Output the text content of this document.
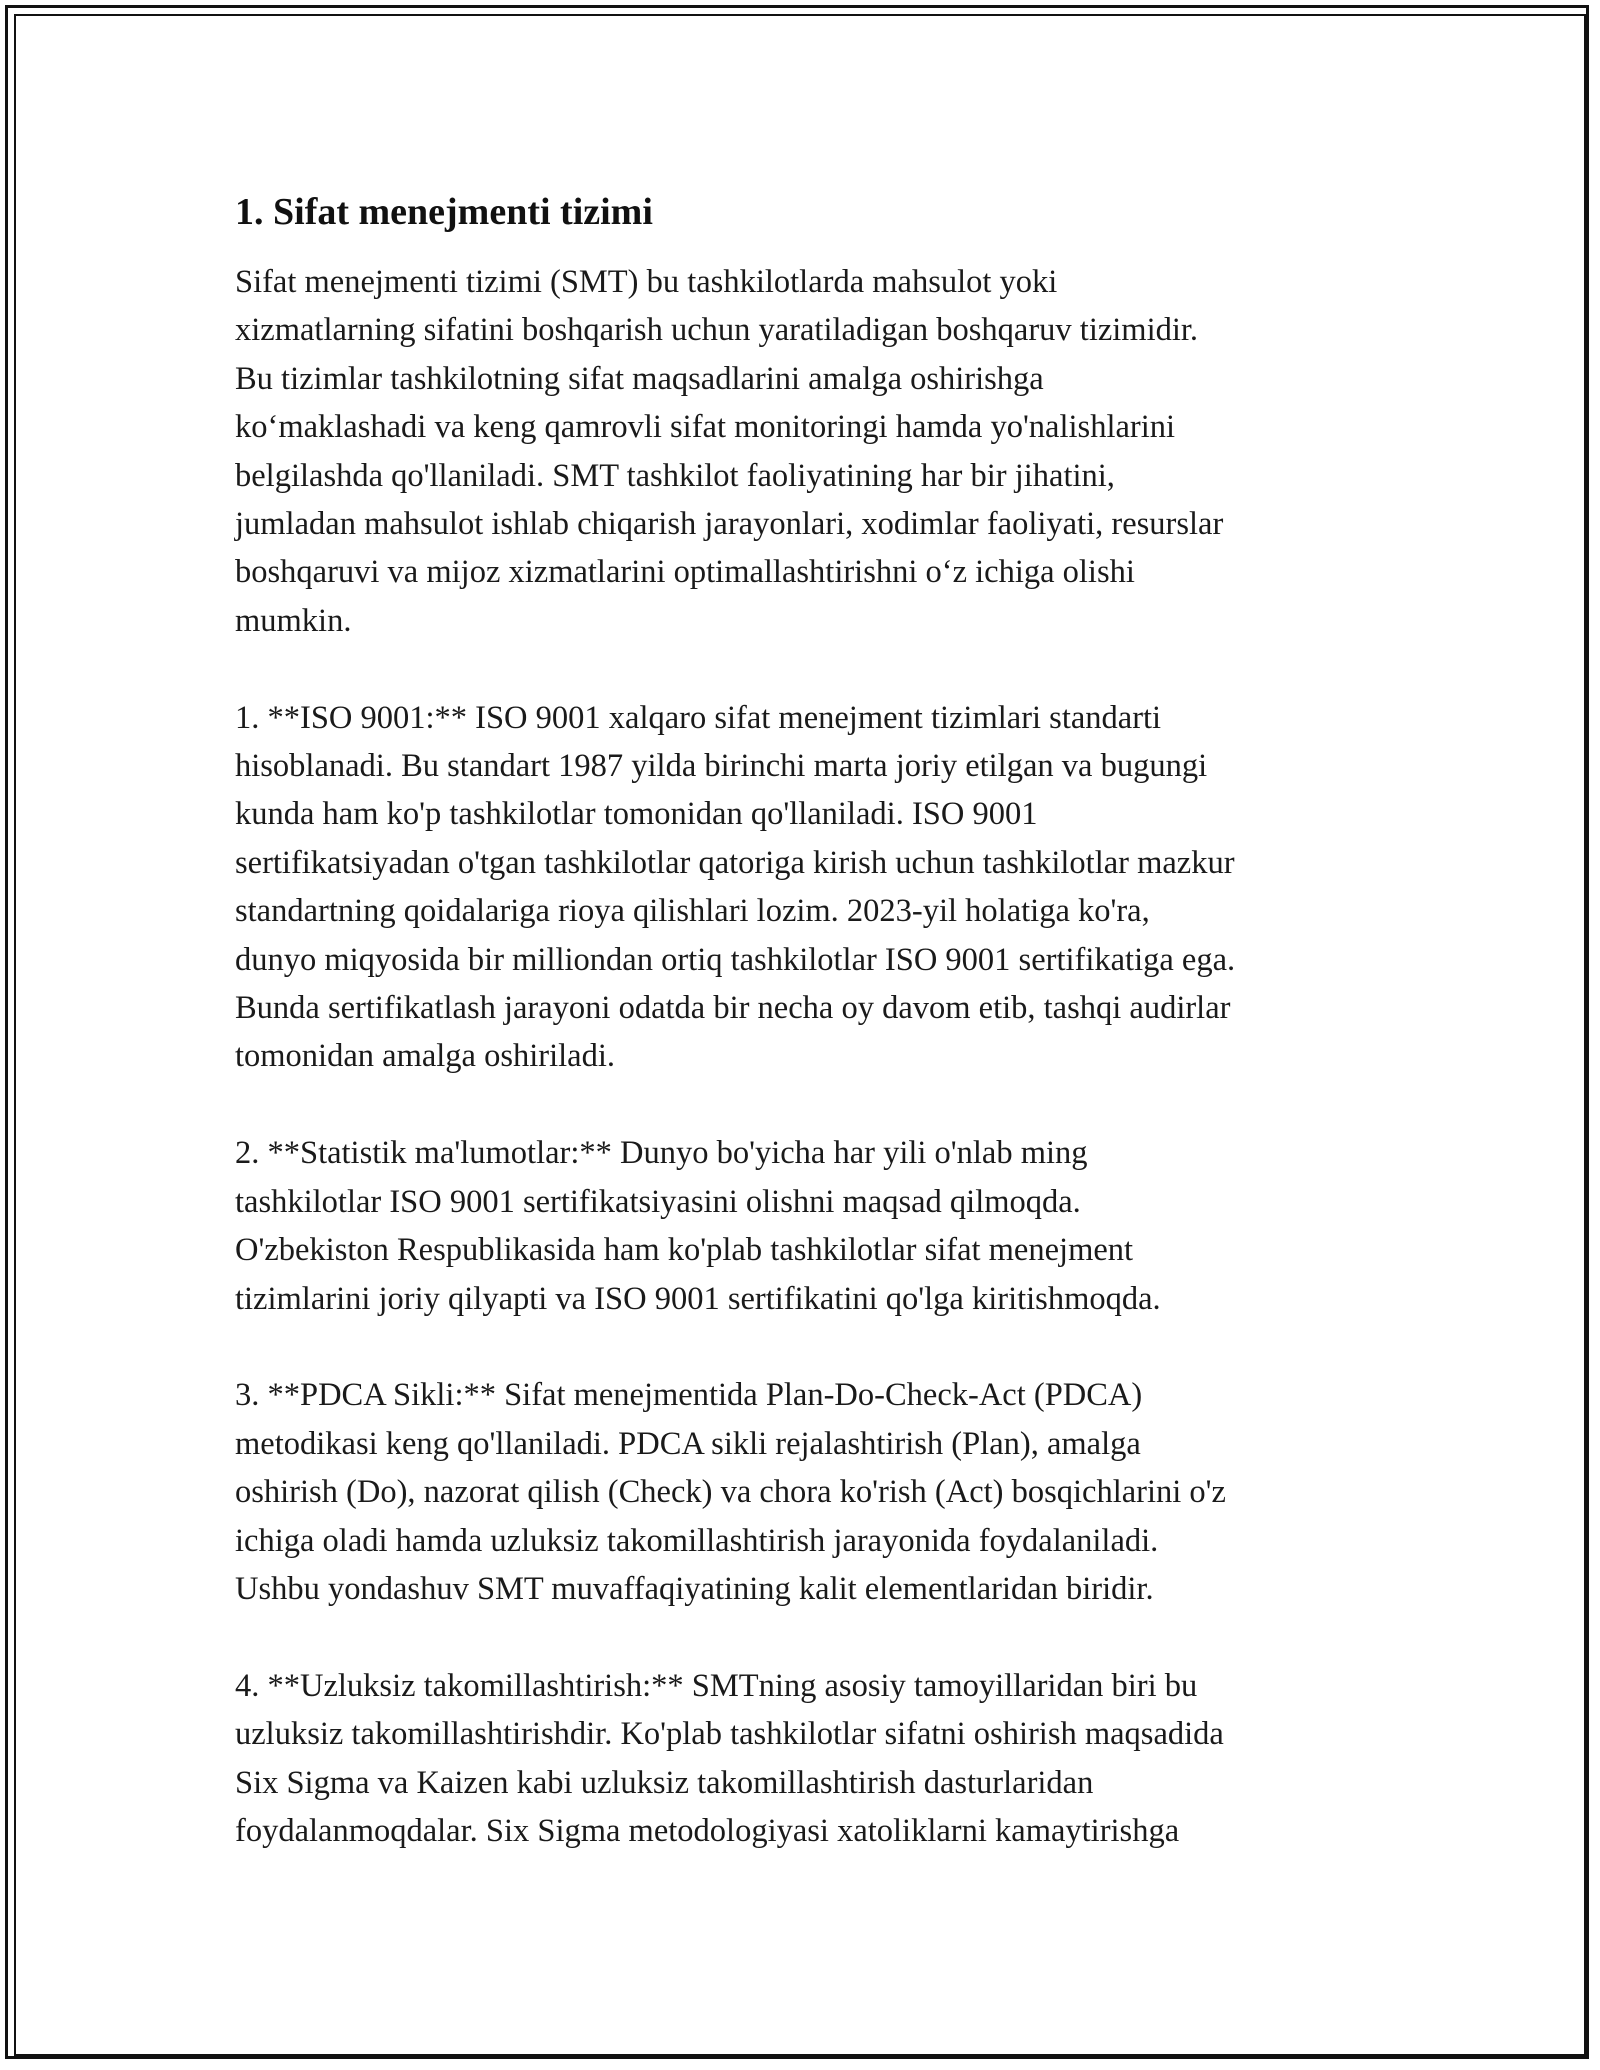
1. Sifat menejmenti tizimi

Sifat menejmenti tizimi (SMT) bu tashkilotlarda mahsulot yoki
xizmatlarning sifatini boshqarish uchun yaratiladigan boshqaruv tizimidir.
Bu tizimlar tashkilotning sifat maqsadlarini amalga oshirishga
ko‘maklashadi va keng qamrovli sifat monitoringi hamda yo'nalishlarini
belgilashda qo'llaniladi. SMT tashkilot faoliyatining har bir jihatini,
jumladan mahsulot ishlab chiqarish jarayonlari, xodimlar faoliyati, resurslar
boshqaruvi va mijoz xizmatlarini optimallashtirishni o‘z ichiga olishi
mumkin.

1. **ISO 9001:** ISO 9001 xalqaro sifat menejment tizimlari standarti
hisoblanadi. Bu standart 1987 yilda birinchi marta joriy etilgan va bugungi
kunda ham ko'p tashkilotlar tomonidan qo'llaniladi. ISO 9001
sertifikatsiyadan o'tgan tashkilotlar qatoriga kirish uchun tashkilotlar mazkur
standartning qoidalariga rioya qilishlari lozim. 2023-yil holatiga ko'ra,
dunyo miqyosida bir milliondan ortiq tashkilotlar ISO 9001 sertifikatiga ega.
Bunda sertifikatlash jarayoni odatda bir necha oy davom etib, tashqi audirlar
tomonidan amalga oshiriladi.

2. **Statistik ma'lumotlar:** Dunyo bo'yicha har yili o'nlab ming
tashkilotlar ISO 9001 sertifikatsiyasini olishni maqsad qilmoqda.
O'zbekiston Respublikasida ham ko'plab tashkilotlar sifat menejment
tizimlarini joriy qilyapti va ISO 9001 sertifikatini qo'lga kiritishmoqda.

3. **PDCA Sikli:** Sifat menejmentida Plan-Do-Check-Act (PDCA)
metodikasi keng qo'llaniladi. PDCA sikli rejalashtirish (Plan), amalga
oshirish (Do), nazorat qilish (Check) va chora ko'rish (Act) bosqichlarini o'z
ichiga oladi hamda uzluksiz takomillashtirish jarayonida foydalaniladi.
Ushbu yondashuv SMT muvaffaqiyatining kalit elementlaridan biridir.

4. **Uzluksiz takomillashtirish:** SMTning asosiy tamoyillaridan biri bu
uzluksiz takomillashtirishdir. Ko'plab tashkilotlar sifatni oshirish maqsadida
Six Sigma va Kaizen kabi uzluksiz takomillashtirish dasturlaridan
foydalanmoqdalar. Six Sigma metodologiyasi xatoliklarni kamaytirishga
